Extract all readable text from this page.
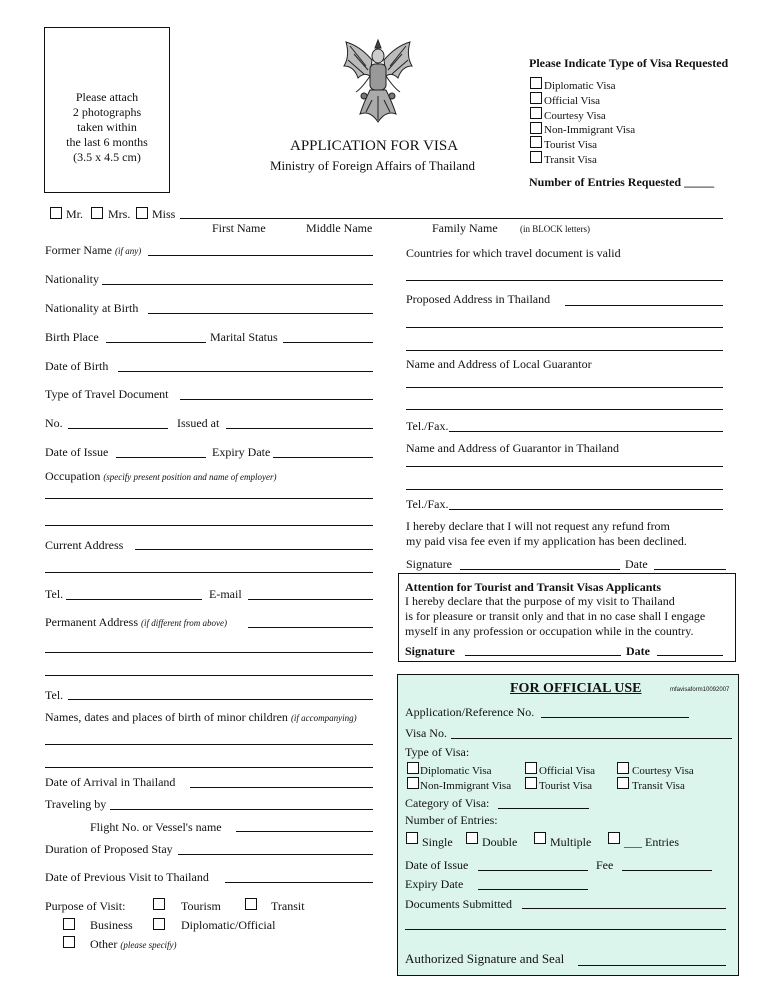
Please attach
2 photographs
taken within
the last 6 months
(3.5 x 4.5 cm)
APPLICATION FOR VISA
Ministry of Foreign Affairs of Thailand
Please Indicate Type of Visa Requested
Diplomatic Visa
Official Visa
Courtesy Visa
Non-Immigrant Visa
Tourist Visa
Transit Visa
Number of Entries Requested _____
Mr. Mrs. Miss
First Name	Middle Name	Family Name (in BLOCK letters)
Former Name (if any)
Nationality
Nationality at Birth
Birth Place	Marital Status
Date of Birth
Type of Travel Document
No.	Issued at
Date of Issue	Expiry Date
Occupation (specify present position and name of employer)
Current Address
Tel.	E-mail
Permanent Address (if different from above)
Tel.
Names, dates and places of birth of minor children (if accompanying)
Date of Arrival in Thailand
Traveling by
Flight No. or Vessel's name
Duration of Proposed Stay
Date of Previous Visit to Thailand
Purpose of Visit:	Tourism	Transit
Business	Diplomatic/Official
Other (please specify)
Countries for which travel document is valid
Proposed Address in Thailand
Name and Address of Local Guarantor
Tel./Fax.
Name and Address of Guarantor in Thailand
Tel./Fax.
I hereby declare that I will not request any refund from
my paid visa fee even if my application has been declined.
Signature	Date
Attention for Tourist and Transit Visas Applicants
I hereby declare that the purpose of my visit to Thailand
is for pleasure or transit only and that in no case shall I engage
myself in any profession or occupation while in the country.
Signature	Date
FOR OFFICIAL USE	mfavisaform10092007
Application/Reference No.
Visa No.
Type of Visa:
Diplomatic Visa	Official Visa	Courtesy Visa
Non-Immigrant Visa	Tourist Visa	Transit Visa
Category of Visa:
Number of Entries:
Single Double	Multiple	___ Entries
Date of Issue	Fee
Expiry Date
Documents Submitted
Authorized Signature and Seal
